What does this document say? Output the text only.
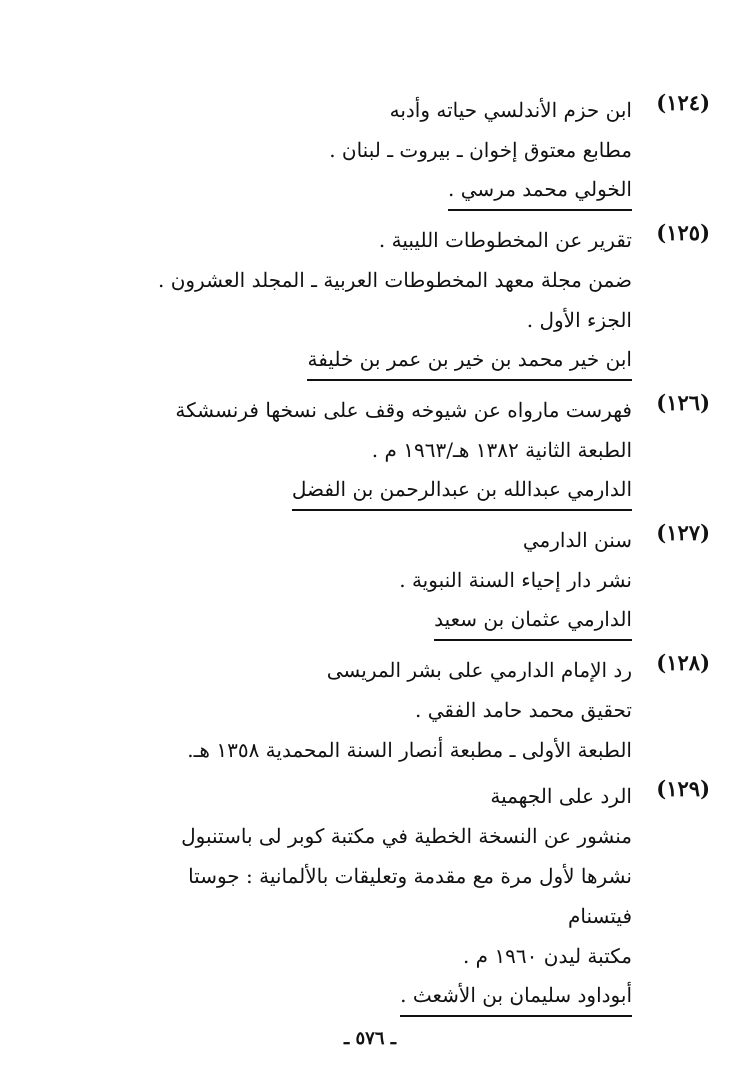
(١٢٤)
ابن حزم الأندلسي حياته وأدبه
مطابع معتوق إخوان ـ بيروت ـ لبنان .
الخولي محمد مرسي .
(١٢٥)
تقرير عن المخطوطات الليبية .
ضمن مجلة معهد المخطوطات العربية ـ المجلد العشرون .
الجزء الأول .
ابن خير محمد بن خير بن عمر بن خليفة
(١٢٦)
فهرست مارواه عن شيوخه وقف على نسخها فرنسشكة
الطبعة الثانية ١٣٨٢ هـ/١٩٦٣ م .
الدارمي عبدالله بن عبدالرحمن بن الفضل
(١٢٧)
سنن الدارمي
نشر دار إحياء السنة النبوية .
الدارمي عثمان بن سعيد
(١٢٨)
رد الإمام الدارمي على بشر المريسى
تحقيق محمد حامد الفقي .
الطبعة الأولى ـ مطبعة أنصار السنة المحمدية ١٣٥٨ هـ.
(١٢٩)
الرد على الجهمية
منشور عن النسخة الخطية في مكتبة كوبر لى باستنبول
نشرها لأول مرة مع مقدمة وتعليقات بالألمانية : جوستا
فيتسنام
مكتبة ليدن ١٩٦٠ م .
أبوداود سليمان بن الأشعث .
ـ ٥٧٦ ـ
